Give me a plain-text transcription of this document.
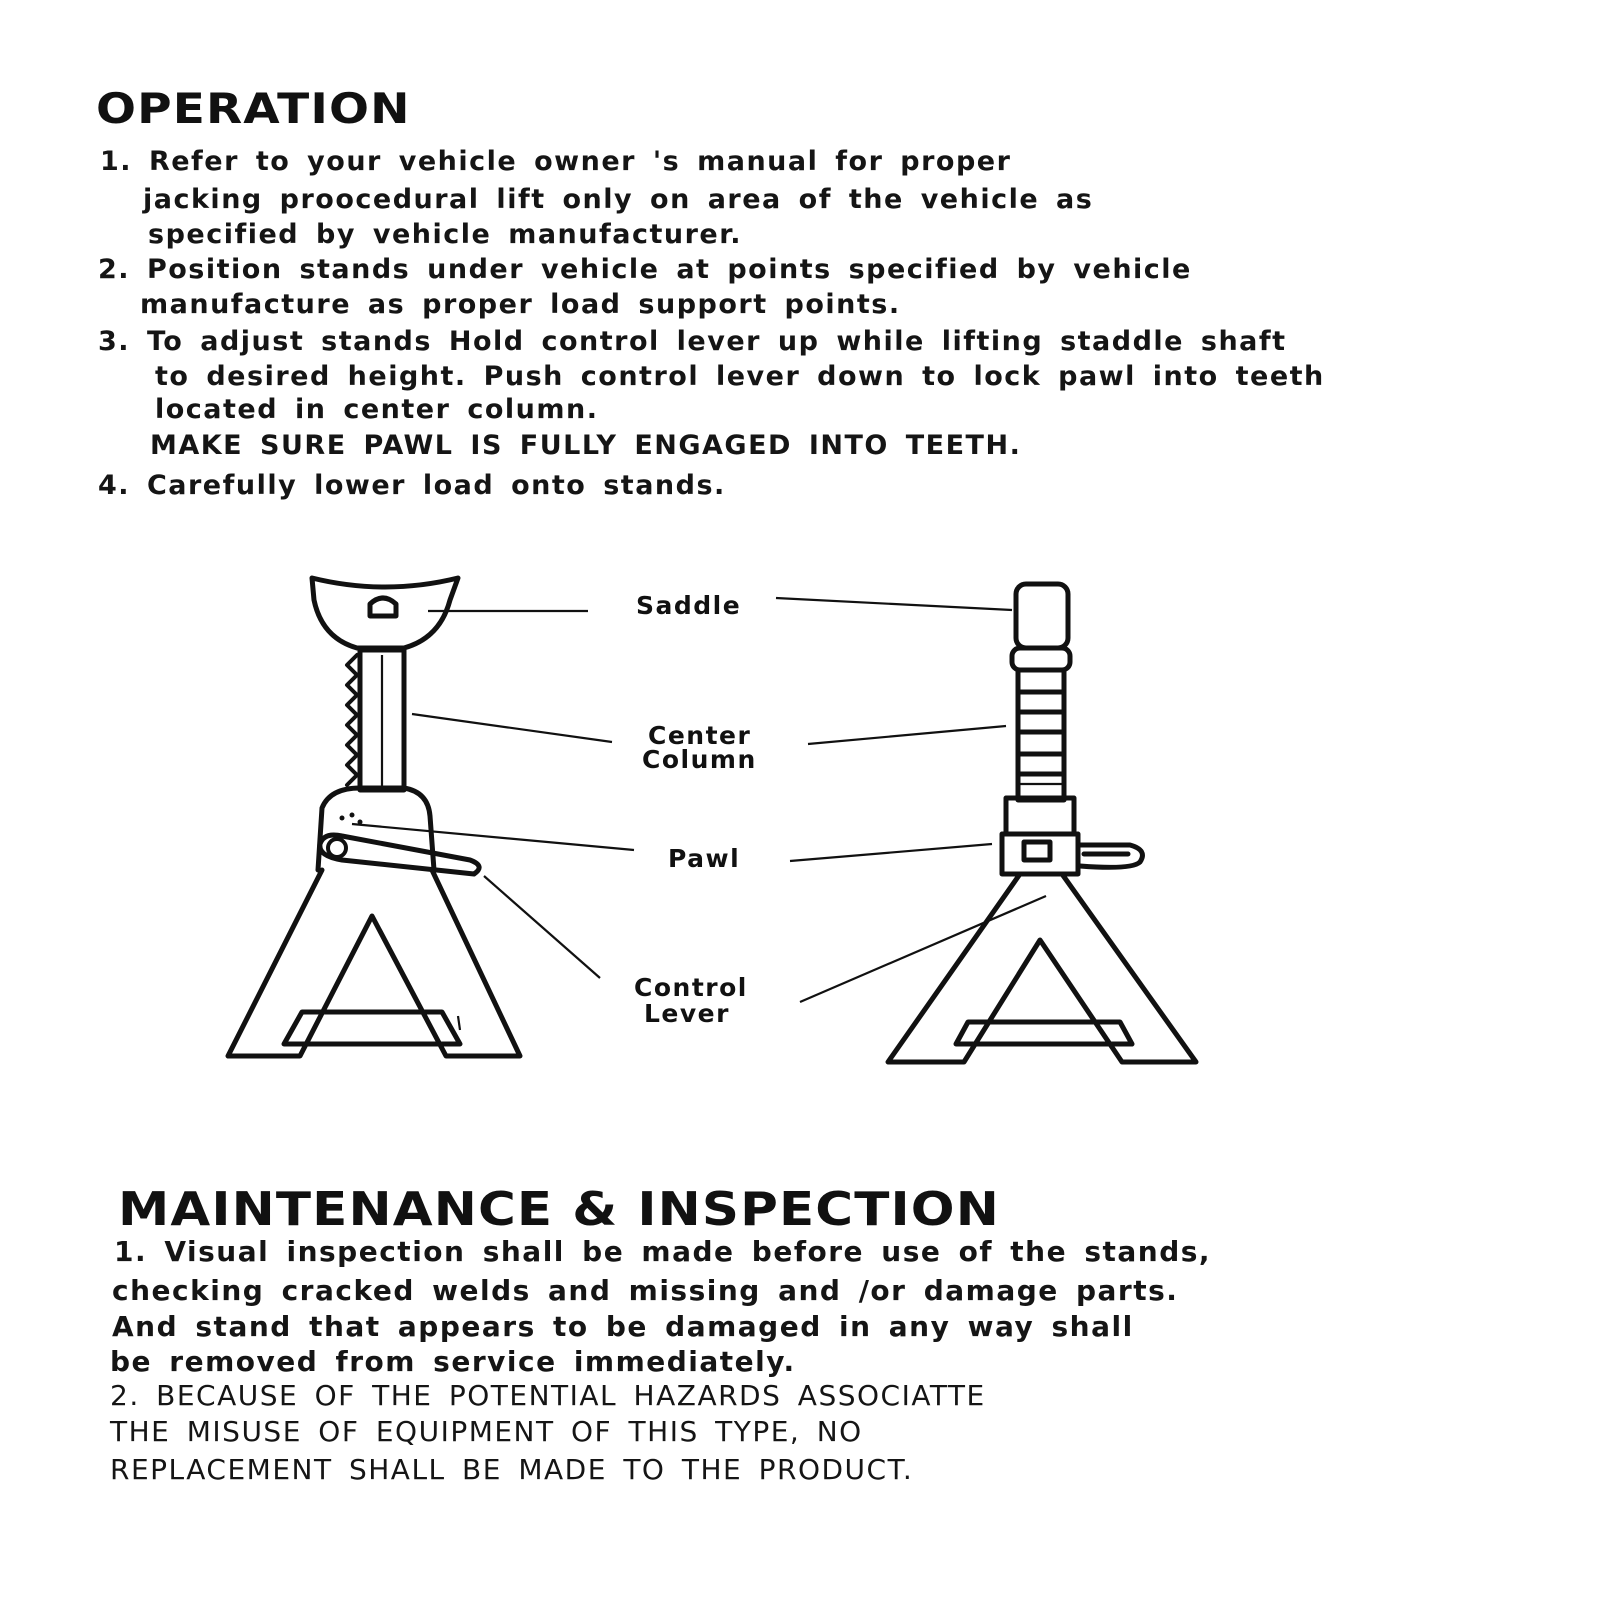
OPERATION

1. Refer to your vehicle owner 's manual for proper

jacking proocedural lift only on area of the vehicle as

specified by vehicle manufacturer.

2. Position stands under vehicle at points specified by vehicle

manufacture as proper load support points.

3. To adjust stands Hold control lever up while lifting staddle shaft

to desired height. Push control lever down to lock pawl into teeth

located in center column.

MAKE SURE PAWL IS FULLY ENGAGED INTO TEETH.

4. Carefully lower load onto stands.

Saddle
Center
Column
Pawl
Control
Lever
MAINTENANCE & INSPECTION

1. Visual inspection shall be made before use of the stands,

checking cracked welds and missing and /or damage parts.

And stand that appears to be damaged in any way shall

be removed from service immediately.

2. BECAUSE OF THE POTENTIAL HAZARDS ASSOCIATTE

THE MISUSE OF EQUIPMENT OF THIS TYPE, NO

REPLACEMENT SHALL BE MADE TO THE PRODUCT.
